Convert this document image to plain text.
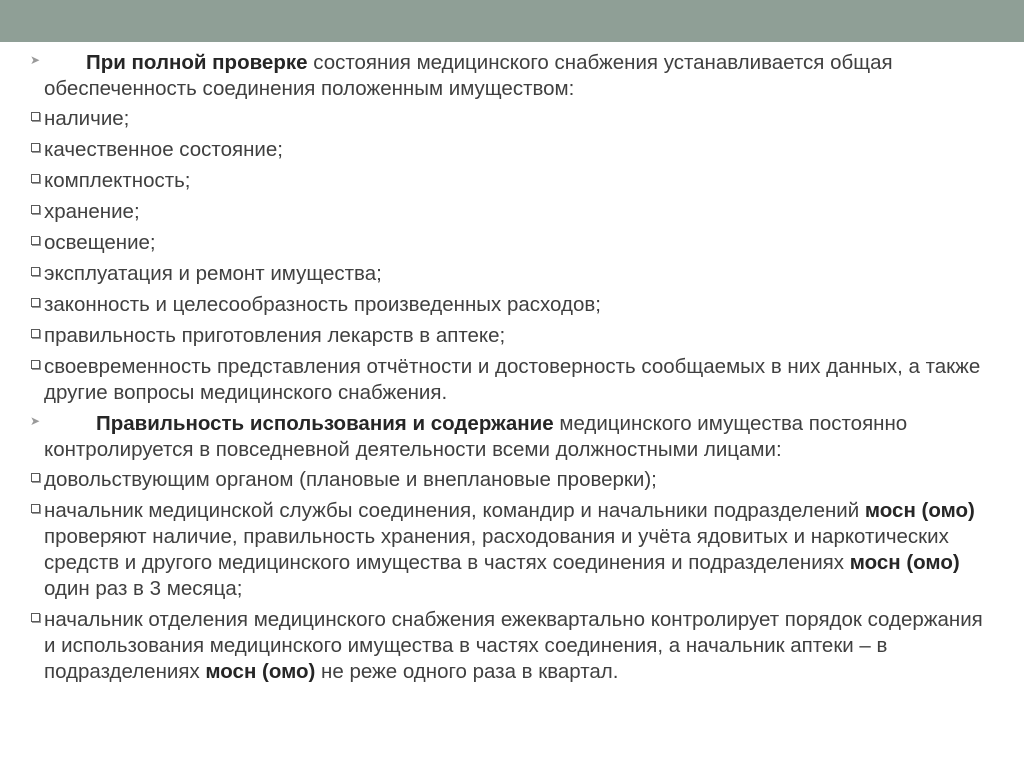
➤ При полной проверке состояния медицинского снабжения устанавливается общая обеспеченность соединения положенным имуществом:

наличие;
качественное состояние;
комплектность;
хранение;
освещение;
эксплуатация и ремонт имущества;
законность и целесообразность произведенных расходов;
правильность приготовления лекарств в аптеке;
своевременность представления отчётности и достоверность сообщаемых в них данных, а также другие вопросы медицинского снабжения.

➤	Правильность использования и содержание медицинского имущества постоянно контролируется в повседневной деятельности всеми должностными лицами:

довольствующим органом (плановые и внеплановые проверки);
начальник медицинской службы соединения, командир и начальники подразделений мосн (омо) проверяют наличие, правильность хранения, расходования и учёта ядовитых и наркотических средств и другого медицинского имущества в частях соединения и подразделениях мосн (омо) один раз в 3 месяца;
начальник отделения медицинского снабжения ежеквартально контролирует порядок содержания и использования медицинского имущества в частях соединения, а начальник аптеки – в подразделениях мосн (омо) не реже одного раза в квартал.
